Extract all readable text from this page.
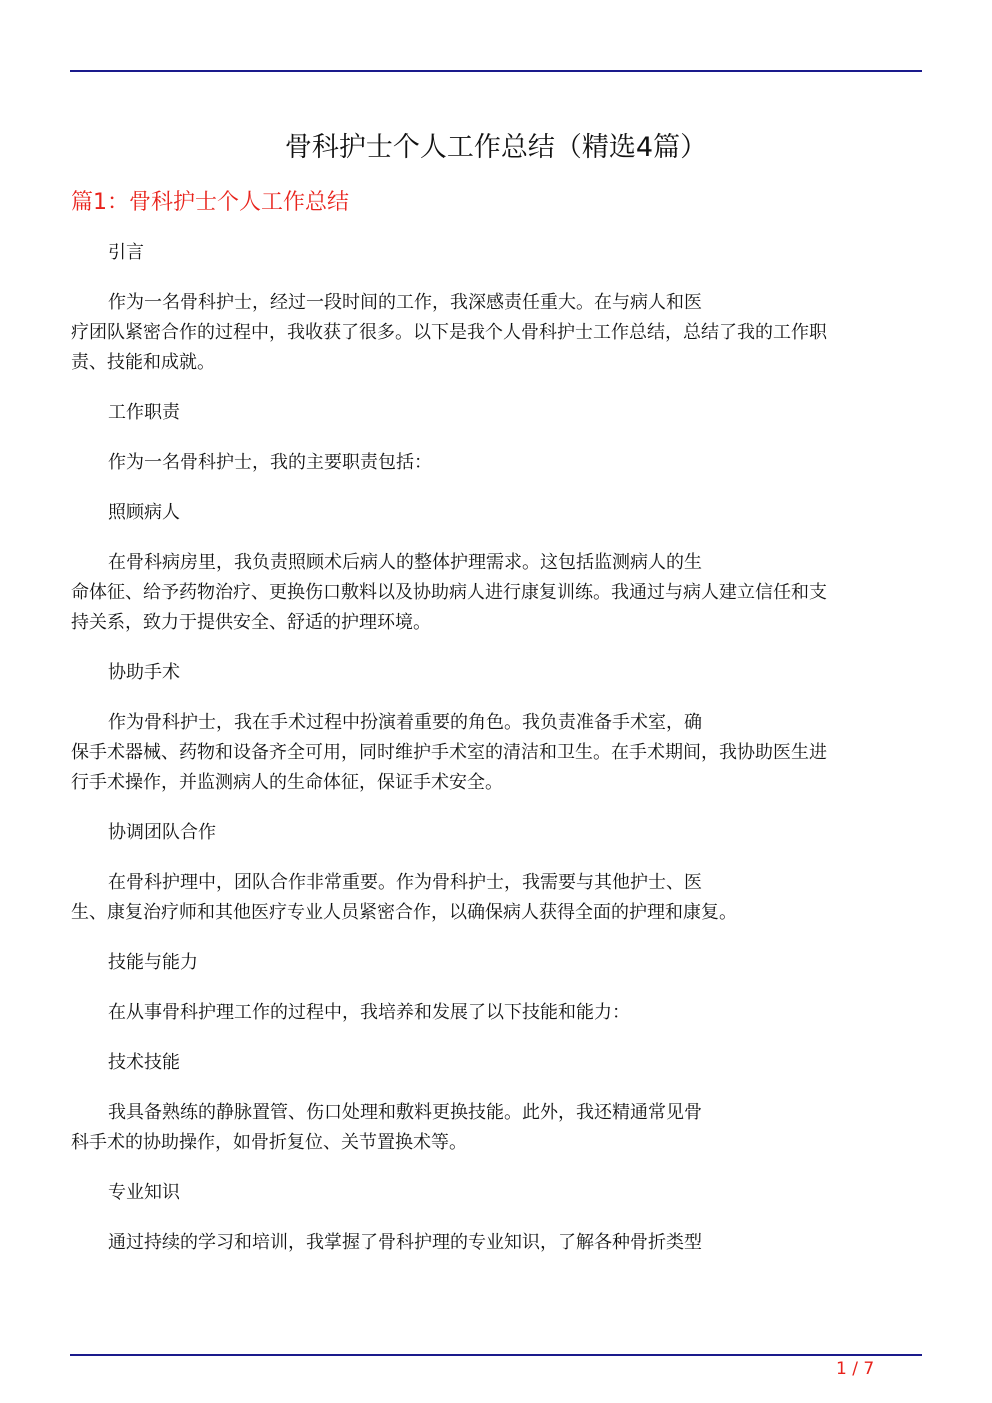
骨科护士个人工作总结（精选4篇）
篇1：骨科护士个人工作总结

引言

作为一名骨科护士，经过一段时间的工作，我深感责任重大。在与病人和医
疗团队紧密合作的过程中，我收获了很多。以下是我个人骨科护士工作总结，总结了我的工作职
责、技能和成就。

工作职责

作为一名骨科护士，我的主要职责包括：

照顾病人

在骨科病房里，我负责照顾术后病人的整体护理需求。这包括监测病人的生
命体征、给予药物治疗、更换伤口敷料以及协助病人进行康复训练。我通过与病人建立信任和支
持关系，致力于提供安全、舒适的护理环境。

协助手术

作为骨科护士，我在手术过程中扮演着重要的角色。我负责准备手术室，确
保手术器械、药物和设备齐全可用，同时维护手术室的清洁和卫生。在手术期间，我协助医生进
行手术操作，并监测病人的生命体征，保证手术安全。

协调团队合作

在骨科护理中，团队合作非常重要。作为骨科护士，我需要与其他护士、医
生、康复治疗师和其他医疗专业人员紧密合作，以确保病人获得全面的护理和康复。

技能与能力

在从事骨科护理工作的过程中，我培养和发展了以下技能和能力：

技术技能

我具备熟练的静脉置管、伤口处理和敷料更换技能。此外，我还精通常见骨
科手术的协助操作，如骨折复位、关节置换术等。

专业知识

通过持续的学习和培训，我掌握了骨科护理的专业知识，了解各种骨折类型

1 / 7
